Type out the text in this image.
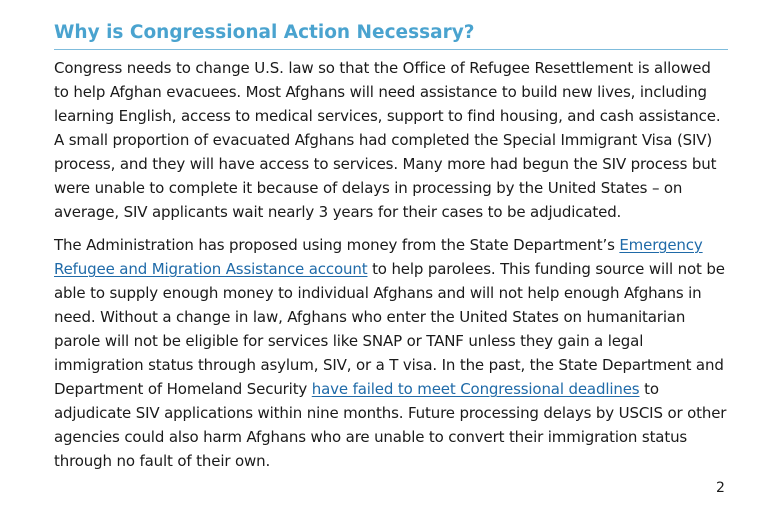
Why is Congressional Action Necessary?

Congress needs to change U.S. law so that the Office of Refugee Resettlement is allowed to help Afghan evacuees. Most Afghans will need assistance to build new lives, including learning English, access to medical services, support to find housing, and cash assistance. A small proportion of evacuated Afghans had completed the Special Immigrant Visa (SIV) process, and they will have access to services. Many more had begun the SIV process but were unable to complete it because of delays in processing by the United States – on average, SIV applicants wait nearly 3 years for their cases to be adjudicated.

The Administration has proposed using money from the State Department’s Emergency Refugee and Migration Assistance account to help parolees. This funding source will not be able to supply enough money to individual Afghans and will not help enough Afghans in need. Without a change in law, Afghans who enter the United States on humanitarian parole will not be eligible for services like SNAP or TANF unless they gain a legal immigration status through asylum, SIV, or a T visa. In the past, the State Department and Department of Homeland Security have failed to meet Congressional deadlines to adjudicate SIV applications within nine months. Future processing delays by USCIS or other agencies could also harm Afghans who are unable to convert their immigration status through no fault of their own.

2
